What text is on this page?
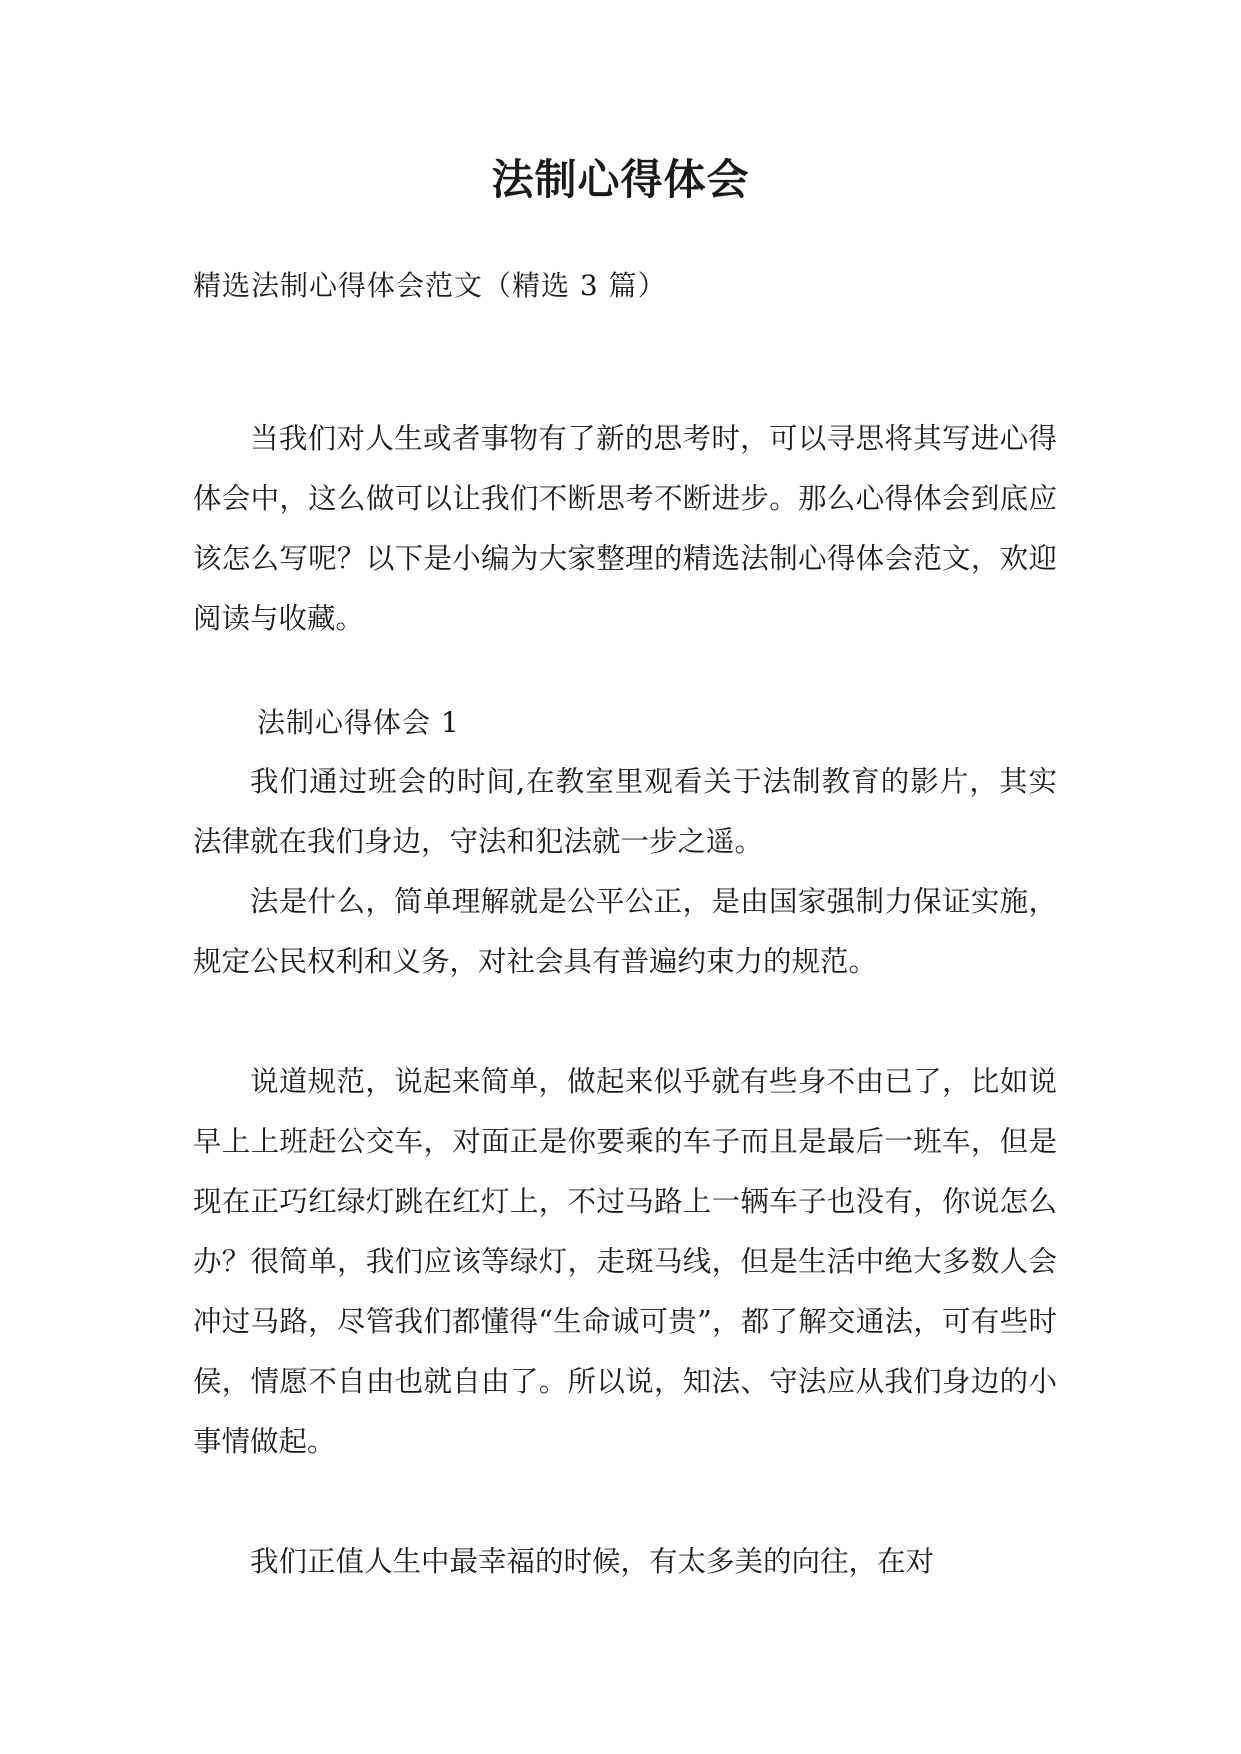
法制心得体会

精选法制心得体会范文（精选 3 篇）

当我们对人生或者事物有了新的思考时，可以寻思将其写进心得体会中，这么做可以让我们不断思考不断进步。那么心得体会到底应该怎么写呢？以下是小编为大家整理的精选法制心得体会范文，欢迎阅读与收藏。

法制心得体会 1

我们通过班会的时间,在教室里观看关于法制教育的影片，其实法律就在我们身边，守法和犯法就一步之遥。

法是什么，简单理解就是公平公正，是由国家强制力保证实施，规定公民权利和义务，对社会具有普遍约束力的规范。

说道规范，说起来简单，做起来似乎就有些身不由已了，比如说早上上班赶公交车，对面正是你要乘的车子而且是最后一班车，但是现在正巧红绿灯跳在红灯上，不过马路上一辆车子也没有，你说怎么办？很简单，我们应该等绿灯，走斑马线，但是生活中绝大多数人会冲过马路，尽管我们都懂得“生命诚可贵”，都了解交通法，可有些时侯，情愿不自由也就自由了。所以说，知法、守法应从我们身边的小事情做起。

我们正值人生中最幸福的时候，有太多美的向往，在对
